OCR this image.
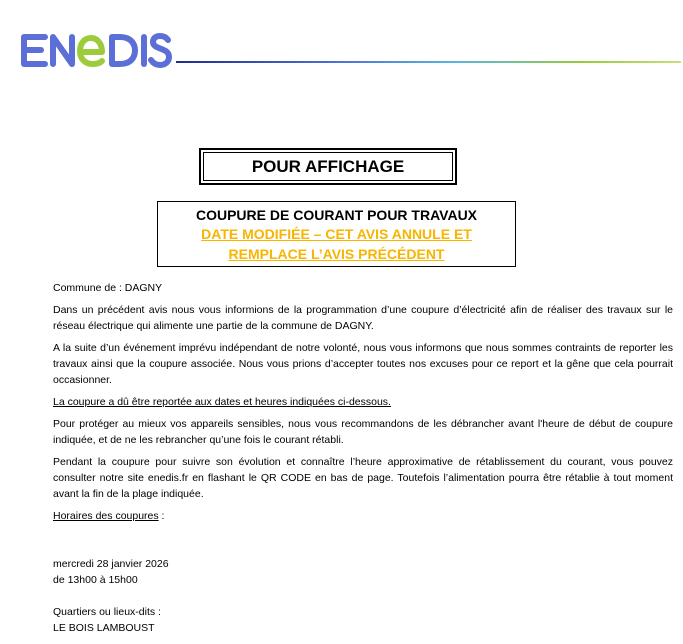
POUR AFFICHAGE
COUPURE DE COURANT POUR TRAVAUX
DATE MODIFIÉE – CET AVIS ANNULE ET
REMPLACE L’AVIS PRÉCÉDENT

Commune de : DAGNY

Dans un précédent avis nous vous informions de la programmation d’une coupure d’électricité afin de réaliser des travaux sur le réseau électrique qui alimente une partie de la commune de DAGNY.

A la suite d’un événement imprévu indépendant de notre volonté, nous vous informons que nous sommes contraints de reporter les travaux ainsi que la coupure associée. Nous vous prions d’accepter toutes nos excuses pour ce report et la gêne que cela pourrait occasionner.

La coupure a dû être reportée aux dates et heures indiquées ci-dessous.

Pour protéger au mieux vos appareils sensibles, nous vous recommandons de les débrancher avant l'heure de début de coupure indiquée, et de ne les rebrancher qu’une fois le courant rétabli.

Pendant la coupure pour suivre son évolution et connaître l’heure approximative de rétablissement du courant, vous pouvez consulter notre site enedis.fr en flashant le QR CODE en bas de page. Toutefois l’alimentation pourra être rétablie à tout moment avant la fin de la plage indiquée.

Horaires des coupures :

mercredi 28 janvier 2026
de 13h00 à 15h00
Quartiers ou lieux-dits :
LE BOIS LAMBOUST
